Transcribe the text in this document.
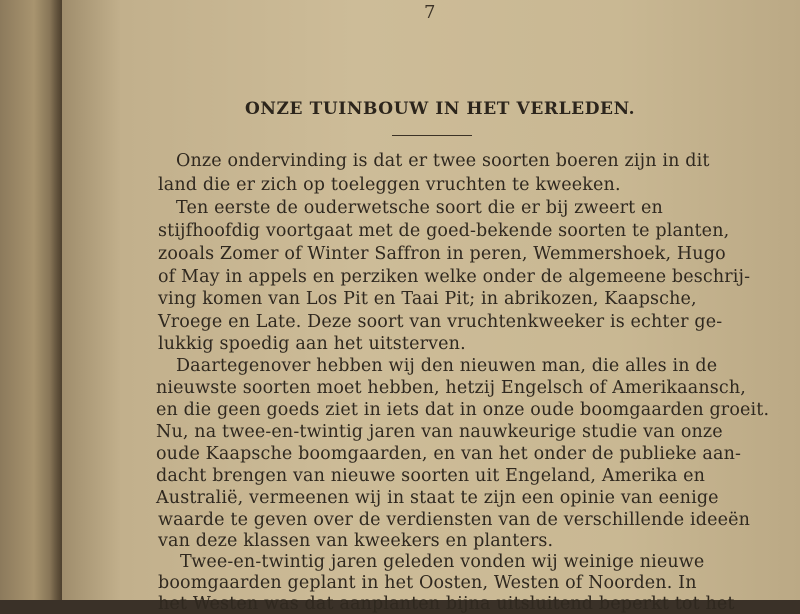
7
ONZE TUINBOUW IN HET VERLEDEN.
Onze ondervinding is dat er twee soorten boeren zijn in dit
land die er zich op toeleggen vruchten te kweeken.
Ten eerste de ouderwetsche soort die er bij zweert en
stijfhoofdig voortgaat met de goed-bekende soorten te planten,
zooals Zomer of Winter Saffron in peren, Wemmershoek, Hugo
of May in appels en perziken welke onder de algemeene beschrij-
ving komen van Los Pit en Taai Pit; in abrikozen, Kaapsche,
Vroege en Late. Deze soort van vruchtenkweeker is echter ge-
lukkig spoedig aan het uitsterven.
Daartegenover hebben wij den nieuwen man, die alles in de
nieuwste soorten moet hebben, hetzij Engelsch of Amerikaansch,
en die geen goeds ziet in iets dat in onze oude boomgaarden groeit.
Nu, na twee-en-twintig jaren van nauwkeurige studie van onze
oude Kaapsche boomgaarden, en van het onder de publieke aan-
dacht brengen van nieuwe soorten uit Engeland, Amerika en
Australië, vermeenen wij in staat te zijn een opinie van eenige
waarde te geven over de verdiensten van de verschillende ideeën
van deze klassen van kweekers en planters.
Twee-en-twintig jaren geleden vonden wij weinige nieuwe
boomgaarden geplant in het Oosten, Westen of Noorden. In
het Westen was dat aanplanten bijna uitsluitend beperkt tot het
